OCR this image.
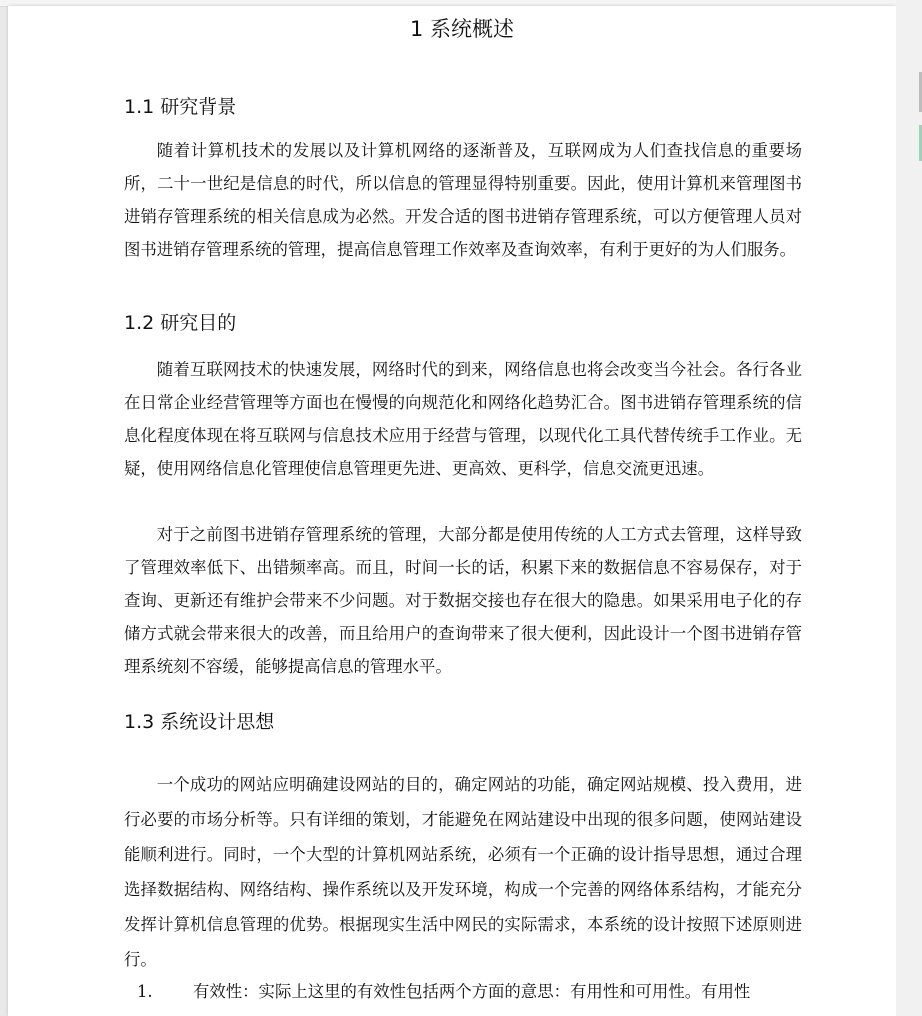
1 系统概述
1.1 研究背景

随着计算机技术的发展以及计算机网络的逐渐普及，互联网成为人们查找信息的重要场所，二十一世纪是信息的时代，所以信息的管理显得特别重要。因此，使用计算机来管理图书进销存管理系统的相关信息成为必然。开发合适的图书进销存管理系统，可以方便管理人员对图书进销存管理系统的管理，提高信息管理工作效率及查询效率，有利于更好的为人们服务。

1.2 研究目的

随着互联网技术的快速发展，网络时代的到来，网络信息也将会改变当今社会。各行各业在日常企业经营管理等方面也在慢慢的向规范化和网络化趋势汇合。图书进销存管理系统的信息化程度体现在将互联网与信息技术应用于经营与管理，以现代化工具代替传统手工作业。无疑，使用网络信息化管理使信息管理更先进、更高效、更科学，信息交流更迅速。

对于之前图书进销存管理系统的管理，大部分都是使用传统的人工方式去管理，这样导致了管理效率低下、出错频率高。而且，时间一长的话，积累下来的数据信息不容易保存，对于查询、更新还有维护会带来不少问题。对于数据交接也存在很大的隐患。如果采用电子化的存储方式就会带来很大的改善，而且给用户的查询带来了很大便利，因此设计一个图书进销存管理系统刻不容缓，能够提高信息的管理水平。

1.3 系统设计思想

一个成功的网站应明确建设网站的目的，确定网站的功能，确定网站规模、投入费用，进行必要的市场分析等。只有详细的策划，才能避免在网站建设中出现的很多问题，使网站建设能顺利进行。同时，一个大型的计算机网站系统，必须有一个正确的设计指导思想，通过合理选择数据结构、网络结构、操作系统以及开发环境，构成一个完善的网络体系结构，才能充分发挥计算机信息管理的优势。根据现实生活中网民的实际需求，本系统的设计按照下述原则进行。

1. 有效性：实际上这里的有效性包括两个方面的意思：有用性和可用性。有用性
